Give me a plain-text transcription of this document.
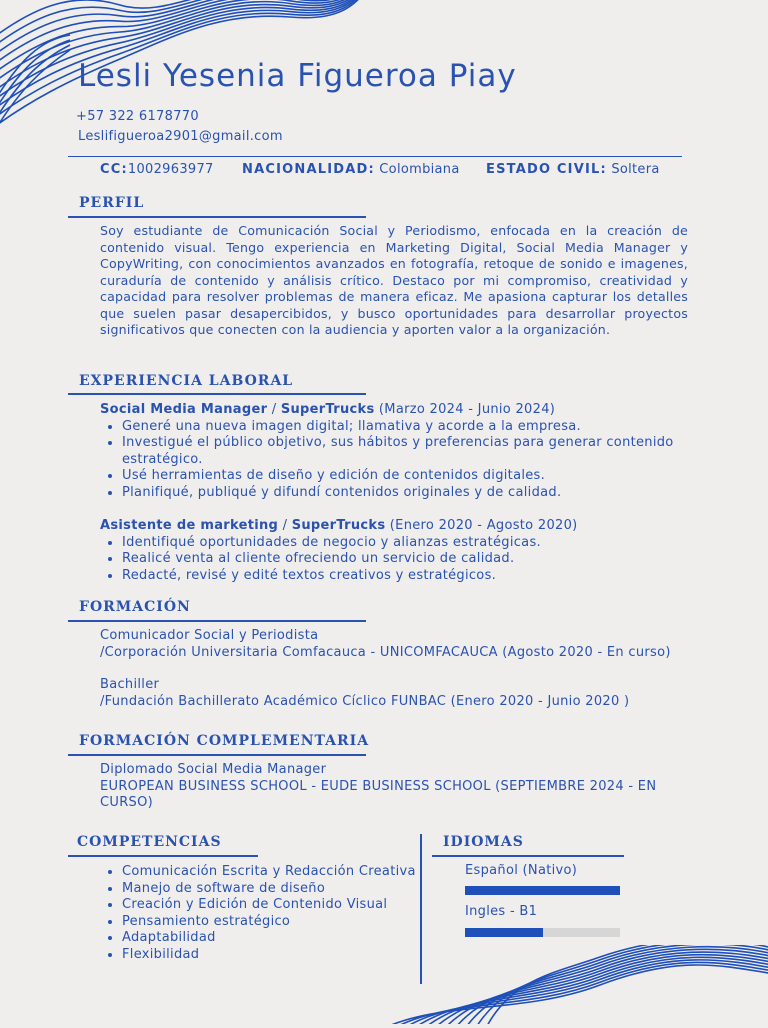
Lesli Yesenia Figueroa Piay
+57 322 6178770
Leslifigueroa2901@gmail.com
CC:1002963977 NACIONALIDAD: Colombiana ESTADO CIVIL: Soltera
PERFIL
Soy estudiante de Comunicación Social y Periodismo, enfocada en la creación de contenido visual. Tengo experiencia en Marketing Digital, Social Media Manager y CopyWriting, con conocimientos avanzados en fotografía, retoque de sonido e imagenes, curaduría de contenido y análisis crítico. Destaco por mi compromiso, creatividad y capacidad para resolver problemas de manera eficaz. Me apasiona capturar los detalles que suelen pasar desapercibidos, y busco oportunidades para desarrollar proyectos significativos que conecten con la audiencia y aporten valor a la organización.
EXPERIENCIA LABORAL
Social Media Manager / SuperTrucks (Marzo 2024 - Junio 2024)
• Generé una nueva imagen digital; llamativa y acorde a la empresa.
• Investigué el público objetivo, sus hábitos y preferencias para generar contenido estratégico.
• Usé herramientas de diseño y edición de contenidos digitales.
• Planifiqué, publiqué y difundí contenidos originales y de calidad.
Asistente de marketing / SuperTrucks (Enero 2020 - Agosto 2020)
• Identifiqué oportunidades de negocio y alianzas estratégicas.
• Realicé venta al cliente ofreciendo un servicio de calidad.
• Redacté, revisé y edité textos creativos y estratégicos.
FORMACIÓN
Comunicador Social y Periodista
/Corporación Universitaria Comfacauca - UNICOMFACAUCA (Agosto 2020 - En curso)
Bachiller
/Fundación Bachillerato Académico Cíclico FUNBAC (Enero 2020 - Junio 2020 )
FORMACIÓN COMPLEMENTARIA
Diplomado Social Media Manager
EUROPEAN BUSINESS SCHOOL - EUDE BUSINESS SCHOOL (SEPTIEMBRE 2024 - EN CURSO)
COMPETENCIAS
• Comunicación Escrita y Redacción Creativa
• Manejo de software de diseño
• Creación y Edición de Contenido Visual
• Pensamiento estratégico
• Adaptabilidad
• Flexibilidad
IDIOMAS
Español (Nativo)
Ingles - B1
